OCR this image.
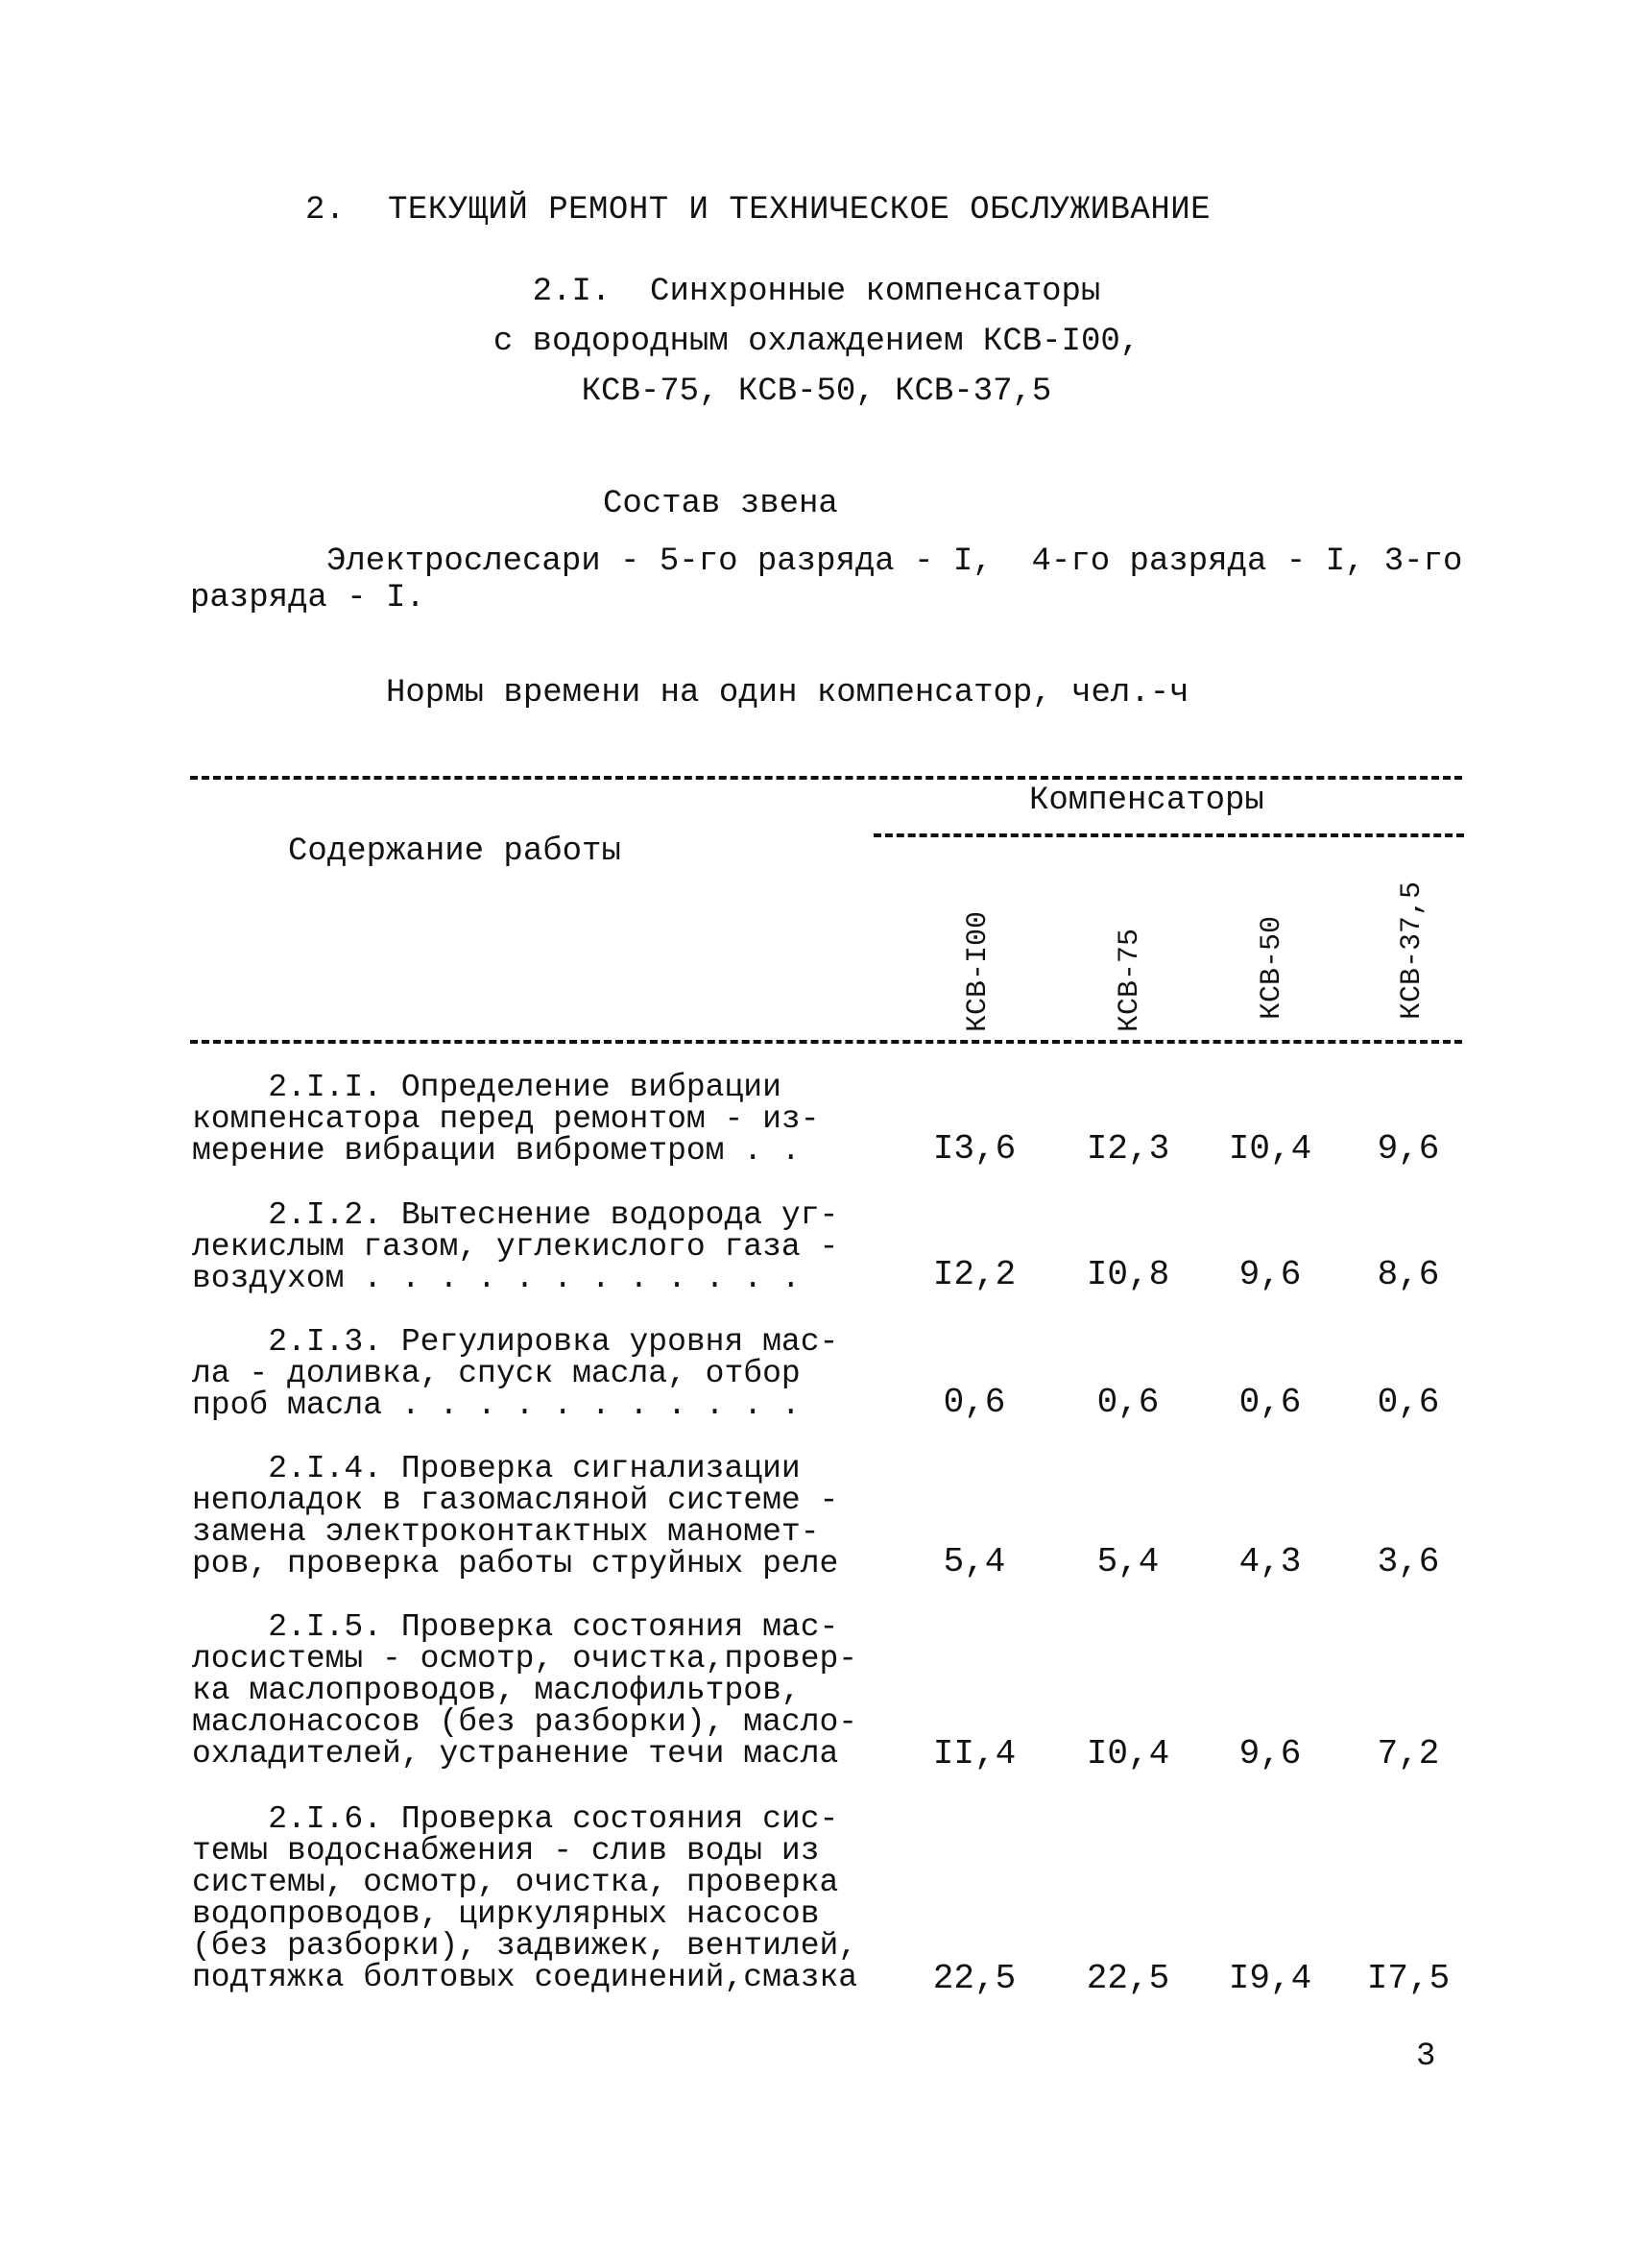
2. ТЕКУЩИЙ РЕМОНТ И ТЕХНИЧЕСКОЕ ОБСЛУЖИВАНИЕ
2.I.  Синхронные компенсаторы
с водородным охлаждением КСВ-I00,
КСВ-75, КСВ-50, КСВ-37,5
Состав звена
Электрослесари - 5-го разряда - I,  4-го разряда - I, 3-го
разряда - I.
Нормы времени на один компенсатор, чел.-ч
Содержание работы
Компенсаторы
КСВ-I00	КСВ-75	КСВ-50	КСВ-37,5
2.I.I. Определение вибрации
компенсатора перед ремонтом - из-
мерение вибрации виброметром . .	I3,6	I2,3	I0,4	9,6
2.I.2. Вытеснение водорода уг-
лекислым газом, углекислого газа -
воздухом . . . . . . . . . . . .	I2,2	I0,8	9,6	8,6
2.I.3. Регулировка уровня мас-
ла - доливка, спуск масла, отбор
проб масла . . . . . . . . . . .	0,6	0,6	0,6	0,6
2.I.4. Проверка сигнализации
неполадок в газомасляной системе -
замена электроконтактных маномет-
ров, проверка работы струйных реле	5,4	5,4	4,3	3,6
2.I.5. Проверка состояния мас-
лосистемы - осмотр, очистка,провер-
ка маслопроводов, маслофильтров,
маслонасосов (без разборки), масло-
охладителей, устранение течи масла	II,4	I0,4	9,6	7,2
2.I.6. Проверка состояния сис-
темы водоснабжения - слив воды из
системы, осмотр, очистка, проверка
водопроводов, циркулярных насосов
(без разборки), задвижек, вентилей,
подтяжка болтовых соединений,смазка	22,5	22,5	I9,4	I7,5
3
